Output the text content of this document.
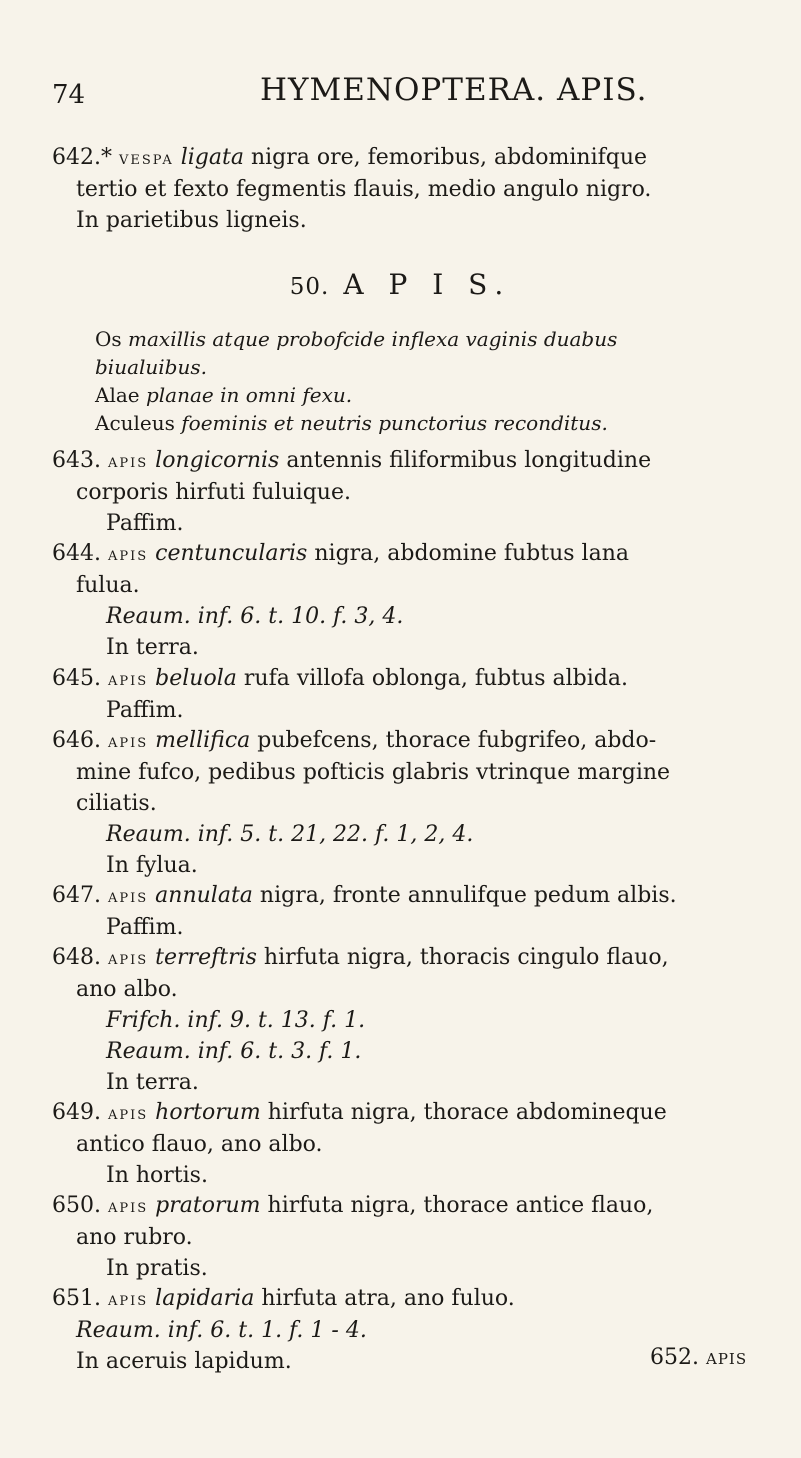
74	HYMENOPTERA. APIS.
642.* vespa ligata nigra ore, femoribus, abdominifque
tertio et fexto fegmentis flauis, medio angulo nigro.
In parietibus ligneis.
50. A P I S.
Os maxillis atque probofcide inflexa vaginis duabus
biualuibus.
Alae planae in omni fexu.
Aculeus foeminis et neutris punctorius reconditus.
643. apis longicornis antennis filiformibus longitudine
corporis hirfuti fuluique.
Paffim.
644. apis centuncularis nigra, abdomine fubtus lana
fulua.
Reaum. inf. 6. t. 10. f. 3, 4.
In terra.
645. apis beluola rufa villofa oblonga, fubtus albida.
Paffim.
646. apis mellifica pubefcens, thorace fubgrifeo, abdo-
mine fufco, pedibus pofticis glabris vtrinque margine
ciliatis.
Reaum. inf. 5. t. 21, 22. f. 1, 2, 4.
In fylua.
647. apis annulata nigra, fronte annulifque pedum albis.
Paffim.
648. apis terreftris hirfuta nigra, thoracis cingulo flauo,
ano albo.
Frifch. inf. 9. t. 13. f. 1.
Reaum. inf. 6. t. 3. f. 1.
In terra.
649. apis hortorum hirfuta nigra, thorace abdomineque
antico flauo, ano albo.
In hortis.
650. apis pratorum hirfuta nigra, thorace antice flauo,
ano rubro.
In pratis.
651. apis lapidaria hirfuta atra, ano fuluo.
Reaum. inf. 6. t. 1. f. 1 - 4.
In aceruis lapidum.	652. APIS
